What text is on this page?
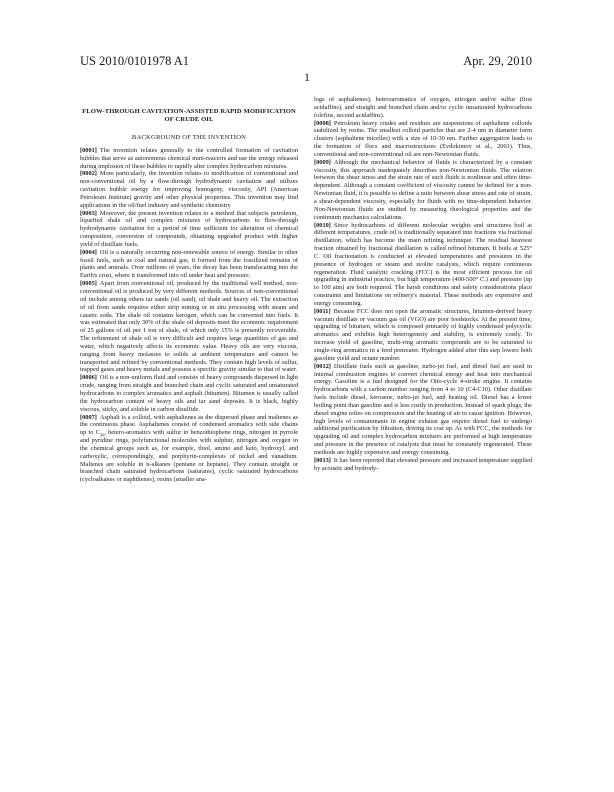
US 2010/0101978 A1	Apr. 29, 2010
1
FLOW-THROUGH CAVITATION-ASSISTED RAPID MODIFICATION OF CRUDE OIL
BACKGROUND OF THE INVENTION

[0001] The invention relates generally to the controlled formation of cavitation bubbles that serve as autonomous chemical mini-reactors and use the energy released during implosion of these bubbles to rapidly alter complex hydrocarbon mixtures.

[0002] More particularly, the invention relates to modification of conventional and non-conventional oil by a flow-through hydrodynamic cavitation and utilizes cavitation bubble energy for improving homogeny, viscosity, API (American Petroleum Institute) gravity and other physical properties. This invention may find applications in the oil/fuel industry and synthetic chemistry

[0003] Moreover, the present invention relates to a method that subjects petroleum, liquefied shale oil and complex mixtures of hydrocarbons to flow-through hydrodynamic cavitation for a period of time sufficient for alteration of chemical composition, conversion of compounds, obtaining upgraded product with higher yield of distillate fuels.

[0004] Oil is a naturally occurring non-renewable source of energy. Similar to other fossil fuels, such as coal and natural gas, it formed from the fossilized remains of plants and animals. Over millions of years, the decay has been translocating into the Earth's crust, where it transformed into oil under heat and pressure.

[0005] Apart from conventional oil, produced by the traditional well method, non-conventional oil is produced by very different methods. Sources of non-conventional oil include among others tar sands (oil sand), oil shale and heavy oil. The extraction of oil from sands requires either strip mining or in situ processing with steam and caustic soda. The shale oil contains kerogen, which can be converted into fuels. It was estimated that only 30% of the shale oil deposits meet the economic requirement of 25 gallons of oil per 1 ton of shale, of which only 15% is presently recoverable. The refinement of shale oil is very difficult and requires large quantities of gas and water, which negatively affects its economic value. Heavy oils are very viscous, ranging from heavy molasses to solids at ambient temperature and cannot be transported and refined by conventional methods. They contain high levels of sulfur, trapped gases and heavy metals and possess a specific gravity similar to that of water.

[0006] Oil is a non-uniform fluid and consists of heavy compounds dispersed in light crude, ranging from straight and branched chain and cyclic saturated and unsaturated hydrocarbons to complex aromatics and asphalt (bitumen). Bitumen is usually called the hydrocarbon content of heavy oils and tar sand deposits. It is black, highly viscous, sticky, and soluble in carbon disulfide.

[0007] Asphalt is a colloid, with asphaltenes as the dispersed phase and maltenes as the continuous phase. Asphaltenes consist of condensed aromatics with side chains up to $C_{30}$, hetero-aromatics with sulfur in benzothiophene rings, nitrogen in pyrrole and pyridine rings, polyfunctional molecules with sulphur, nitrogen and oxygen in the chemical groups such as, for example, thiol, amino and keto, hydroxyl, and carboxylic, correspondingly, and porphyrin-complexes of nickel and vanadium. Maltenes are soluble in n-alkanes (pentane or heptane). They contain straight or branched chain saturated hydrocarbons (saturates), cyclic saturated hydrocarbons (cycloalkanes or naphthenes), resins (smaller ana-

logs of asphaltenes), heteroaromatics of oxygen, nitrogen and/or sulfur (first acidaffins), and straight and branched chain and/or cyclic unsaturated hydrocarbons (olefins, second acidaffins).

[0008] Petroleum heavy crudes and residues are suspensions of asphaltene colloids stabilized by resins. The smallest colloid particles that are 2-4 nm in diameter form clusters (asphaltene micelles) with a size of 10-30 nm. Further aggregation leads to the formation of flocs and macrostructures (Evdokimov et al., 2001). Thus, conventional and non-conventional oil are non-Newtonian fluids.

[0009] Although the mechanical behavior of fluids is characterized by a constant viscosity, this approach inadequately describes non-Newtonian fluids. The relation between the shear stress and the strain rate of such fluids is nonlinear and often time-dependent. Although a constant coefficient of viscosity cannot be defined for a non-Newtonian fluid, it is possible to define a ratio between shear stress and rate of strain, a shear-dependent viscosity, especially for fluids with no time-dependent behavior. Non-Newtonian fluids are studied by measuring rheological properties and the continuum mechanics calculations.

[0010] Since hydrocarbons of different molecular weights and structures boil at different temperatures, crude oil is traditionally separated into fractions via fractional distillation, which has become the main refining technique. The residual heaviest fraction obtained by fractional distillation is called refined bitumen. It boils at 525° C. Oil fractionation is conducted at elevated temperatures and pressures in the presence of hydrogen or steam and zeolite catalysts, which require continuous regeneration. Fluid catalytic cracking (FCC) is the most efficient process for oil upgrading in industrial practice, but high temperature (400-500° C.) and pressure (up to 100 atm) are both required. The harsh conditions and safety considerations place constraints and limitations on refinery's material. These methods are expensive and energy consuming.

[0011] Because FCC does not open the aromatic structures, bitumen-derived heavy vacuum distillate or vacuum gas oil (VGO) are poor feedstocks. At the present time, upgrading of bitumen, which is composed primarily of highly condensed polycyclic aromatics and exhibits high heterogeneity and stability, is extremely costly. To increase yield of gasoline, multi-ring aromatic compounds are to be saturated to single-ring aromatics in a feed pretreater. Hydrogen added after this step lowers both gasoline yield and octane number.

[0012] Distillate fuels such as gasoline, turbo-jet fuel, and diesel fuel are used in internal combustion engines to convert chemical energy and heat into mechanical energy. Gasoline is a fuel designed for the Otto-cycle 4-stroke engine. It contains hydrocarbons with a carbon number ranging from 4 to 10 (C4-C10). Other distillate fuels include diesel, kerosene, turbo-jet fuel, and heating oil. Diesel has a lower boiling point than gasoline and is less costly in production. Instead of spark plugs, the diesel engine relies on compression and the heating of air to cause ignition. However, high levels of contaminants in engine exhaust gas require diesel fuel to undergo additional purification by filtration, driving its cost up. As with FCC, the methods for upgrading oil and complex hydrocarbon mixtures are performed at high temperature and pressure in the presence of catalysts that must be constantly regenerated. These methods are highly expensive and energy consuming.

[0013] It has been reported that elevated pressure and increased temperature supplied by acoustic and hydrody-
